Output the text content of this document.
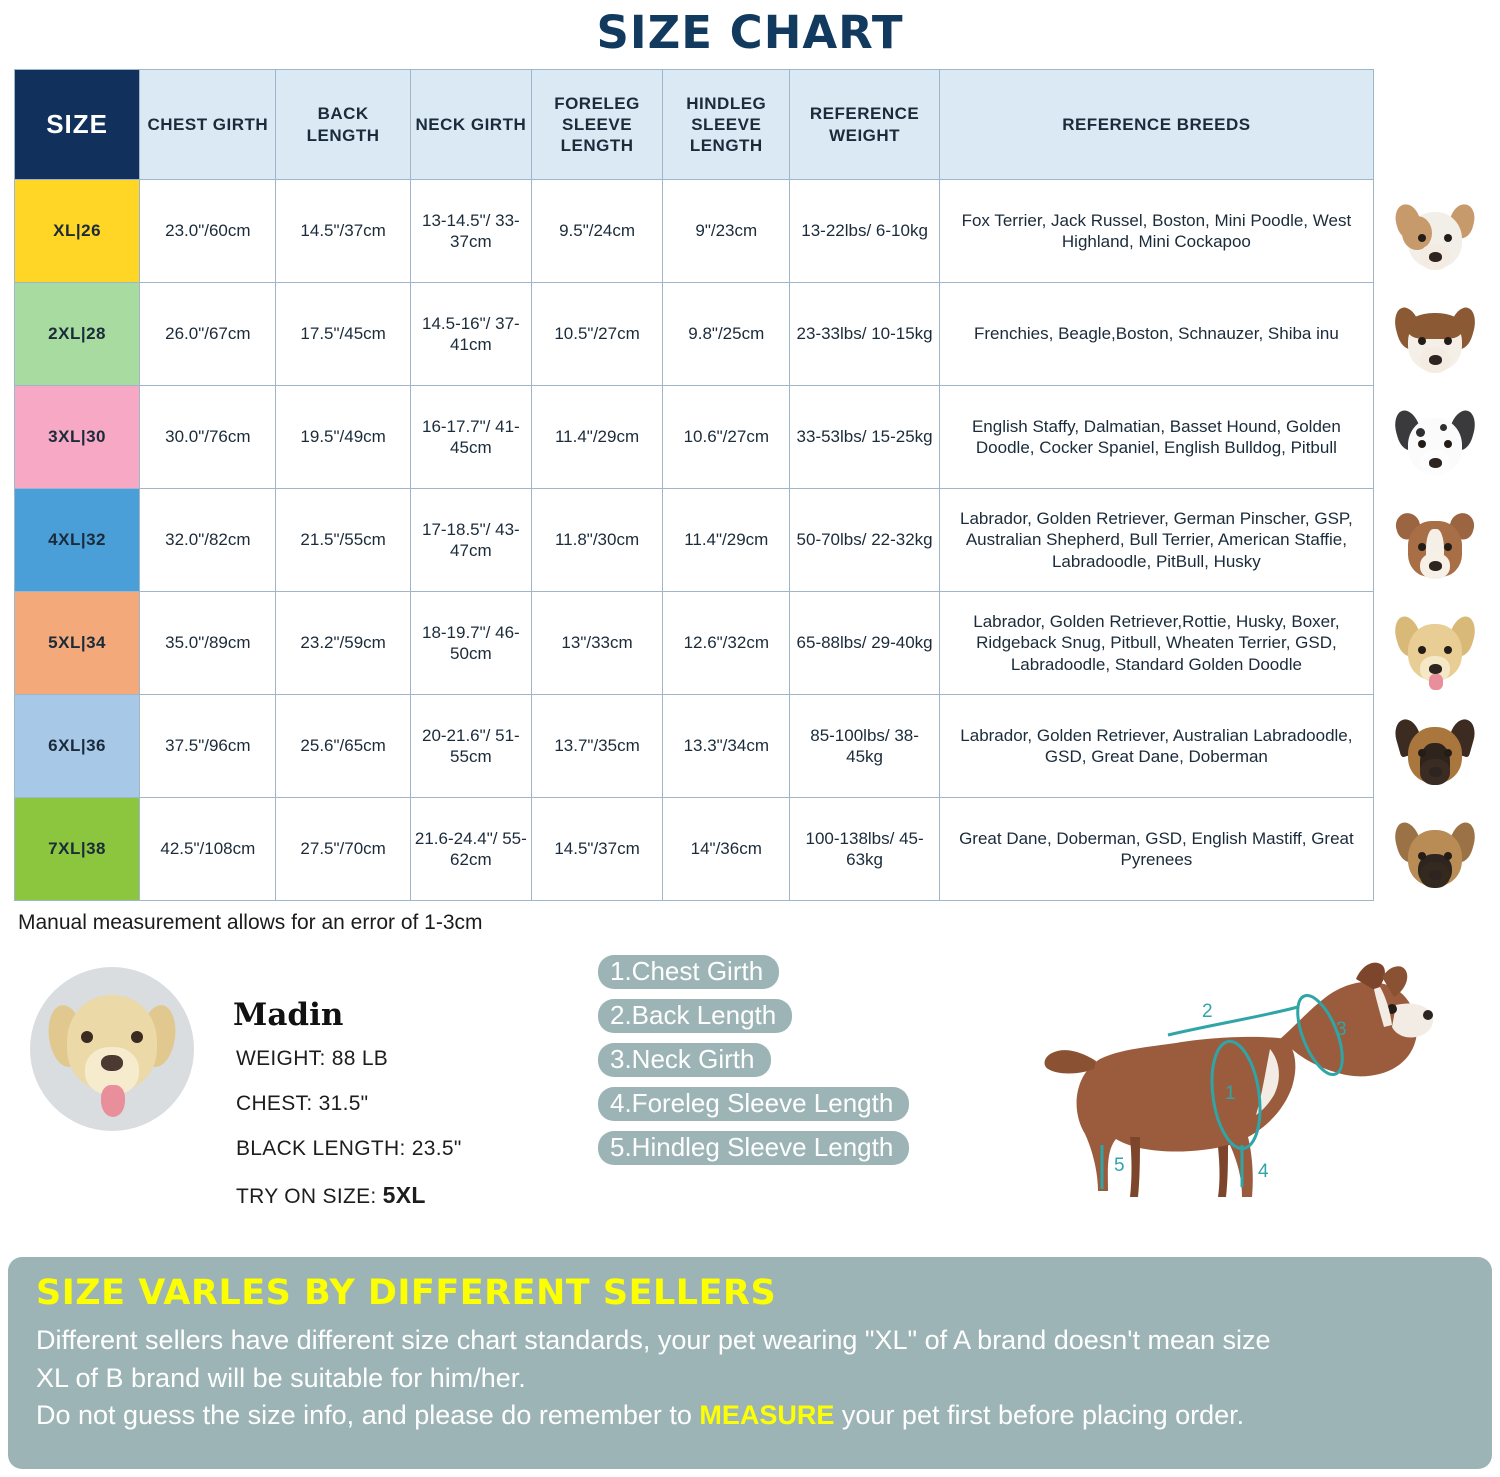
SIZE CHART
SIZE	CHEST GIRTH	BACK LENGTH	NECK GIRTH	FORELEG SLEEVE LENGTH	HINDLEG SLEEVE LENGTH	REFERENCE WEIGHT	REFERENCE BREEDS
XL|26	23.0"/60cm	14.5"/37cm	13-14.5"/ 33-37cm	9.5"/24cm	9"/23cm	13-22lbs/ 6-10kg	Fox Terrier, Jack Russel, Boston, Mini Poodle, West Highland, Mini Cockapoo
2XL|28	26.0"/67cm	17.5"/45cm	14.5-16"/ 37-41cm	10.5"/27cm	9.8"/25cm	23-33lbs/ 10-15kg	Frenchies, Beagle,Boston, Schnauzer, Shiba inu
3XL|30	30.0"/76cm	19.5"/49cm	16-17.7"/ 41-45cm	11.4"/29cm	10.6"/27cm	33-53lbs/ 15-25kg	English Staffy, Dalmatian, Basset Hound, Golden Doodle, Cocker Spaniel, English Bulldog, Pitbull
4XL|32	32.0"/82cm	21.5"/55cm	17-18.5"/ 43-47cm	11.8"/30cm	11.4"/29cm	50-70lbs/ 22-32kg	Labrador, Golden Retriever, German Pinscher, GSP, Australian Shepherd, Bull Terrier, American Staffie, Labradoodle, PitBull, Husky
5XL|34	35.0"/89cm	23.2"/59cm	18-19.7"/ 46-50cm	13"/33cm	12.6"/32cm	65-88lbs/ 29-40kg	Labrador, Golden Retriever,Rottie, Husky, Boxer, Ridgeback Snug, Pitbull, Wheaten Terrier, GSD, Labradoodle, Standard Golden Doodle
6XL|36	37.5"/96cm	25.6"/65cm	20-21.6"/ 51-55cm	13.7"/35cm	13.3"/34cm	85-100lbs/ 38-45kg	Labrador, Golden Retriever, Australian Labradoodle, GSD, Great Dane, Doberman
7XL|38	42.5"/108cm	27.5"/70cm	21.6-24.4"/ 55-62cm	14.5"/37cm	14"/36cm	100-138lbs/ 45-63kg	Great Dane, Doberman, GSD, English Mastiff, Great Pyrenees
Manual measurement allows for an error of 1-3cm
Madin
WEIGHT: 88 LB
CHEST: 31.5"
BLACK LENGTH: 23.5"
TRY ON SIZE: 5XL
1.Chest Girth
2.Back Length
3.Neck Girth
4.Foreleg Sleeve Length
5.Hindleg Sleeve Length
1
2
3
4
5
SIZE VARLES BY DIFFERENT SELLERS

Different sellers have different size chart standards, your pet wearing "XL" of A brand doesn't mean size

XL of B brand will be suitable for him/her.

Do not guess the size info, and please do remember to MEASURE your pet first before placing order.
